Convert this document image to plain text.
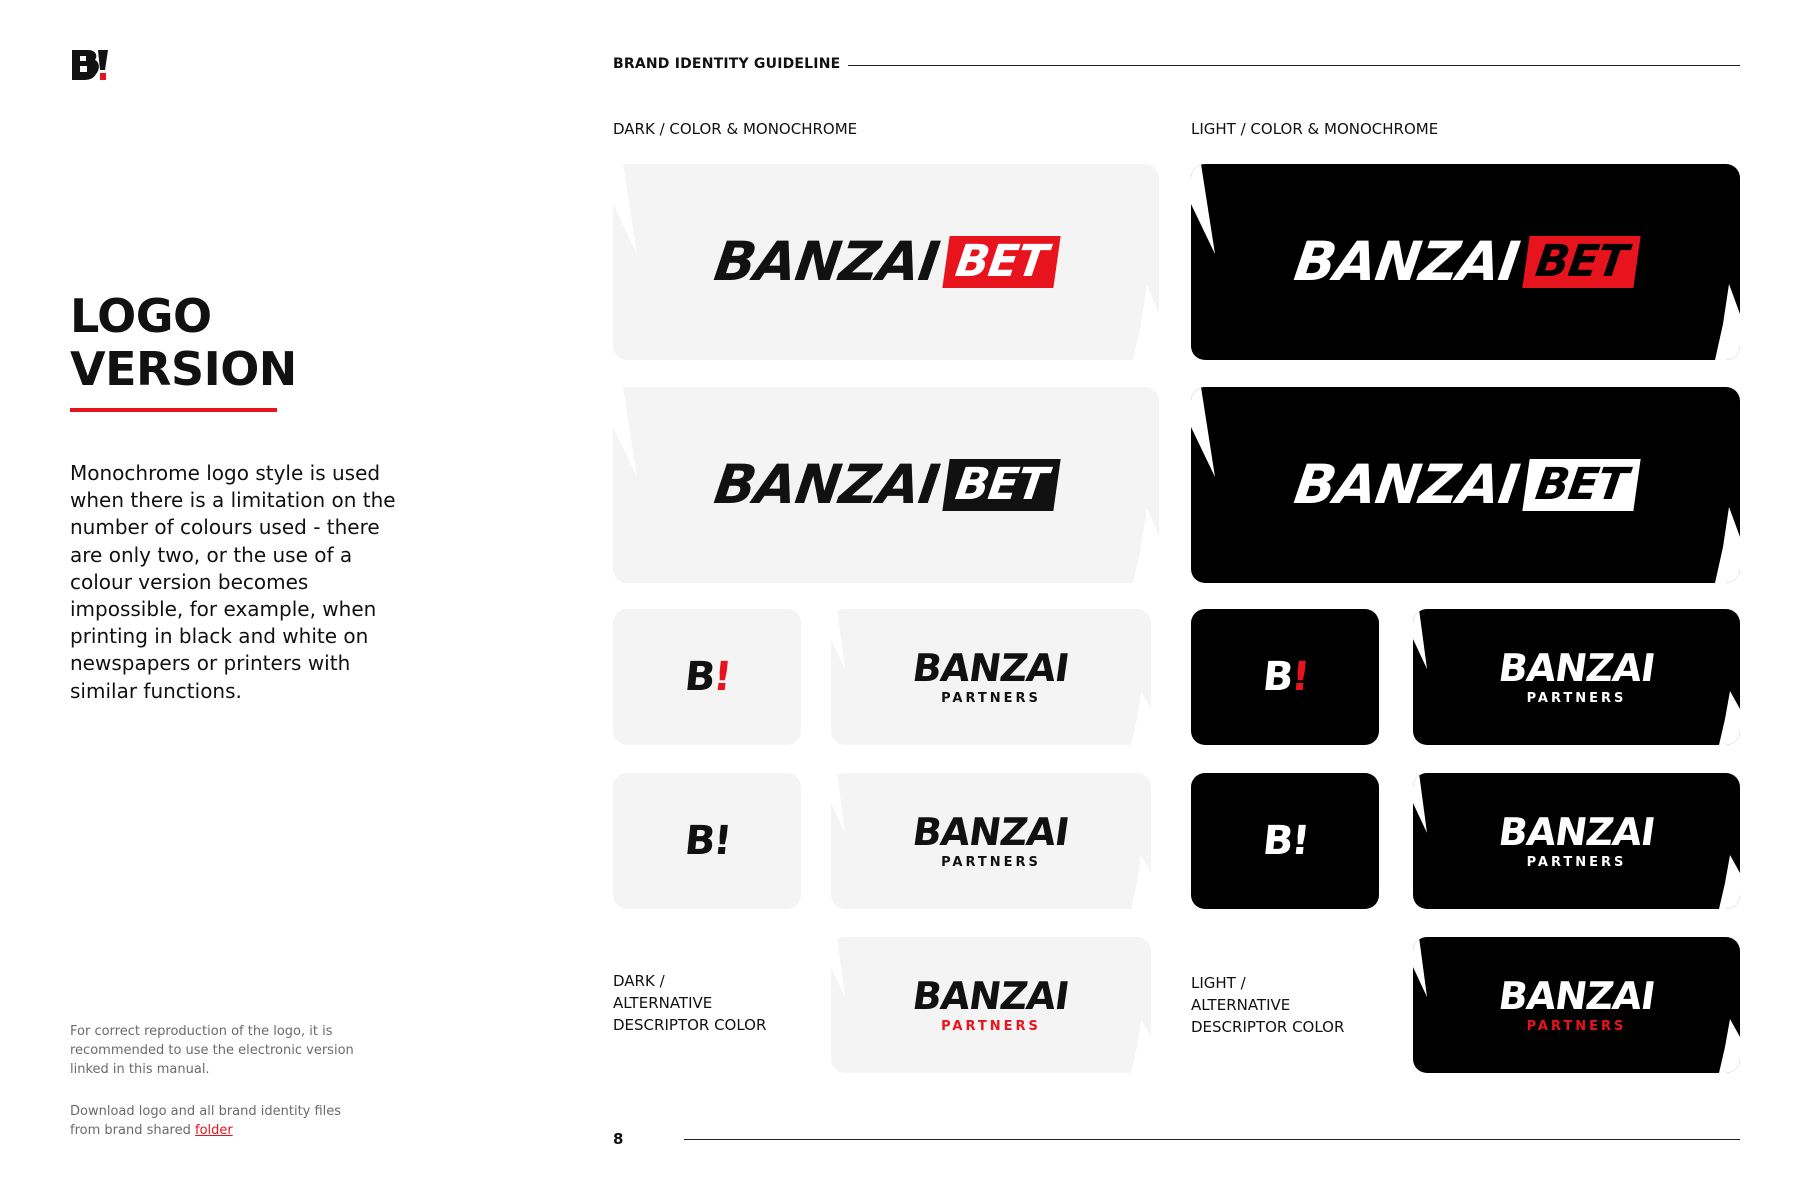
LOGO
VERSION
Monochrome logo style is used when there is a limitation on the number of colours used - there are only two, or the use of a colour version becomes impossible, for example, when printing in black and white on newspapers or printers with similar functions.
For correct reproduction of the logo, it is recommended to use the electronic version linked in this manual.
Download logo and all brand identity files from brand shared folder
BRAND IDENTITY GUIDELINE
DARK / COLOR & MONOCHROME	LIGHT / COLOR & MONOCHROME
BANZAI BET
BANZAI BET
B!	BANZAI
PARTNERS
B!	BANZAI
PARTNERS
DARK /
ALTERNATIVE
DESCRIPTOR COLOR
BANZAI
PARTNERS
BANZAI BET
BANZAI BET
B!	BANZAI
PARTNERS
B!	BANZAI
PARTNERS
LIGHT /
ALTERNATIVE
DESCRIPTOR COLOR
BANZAI
PARTNERS
8
